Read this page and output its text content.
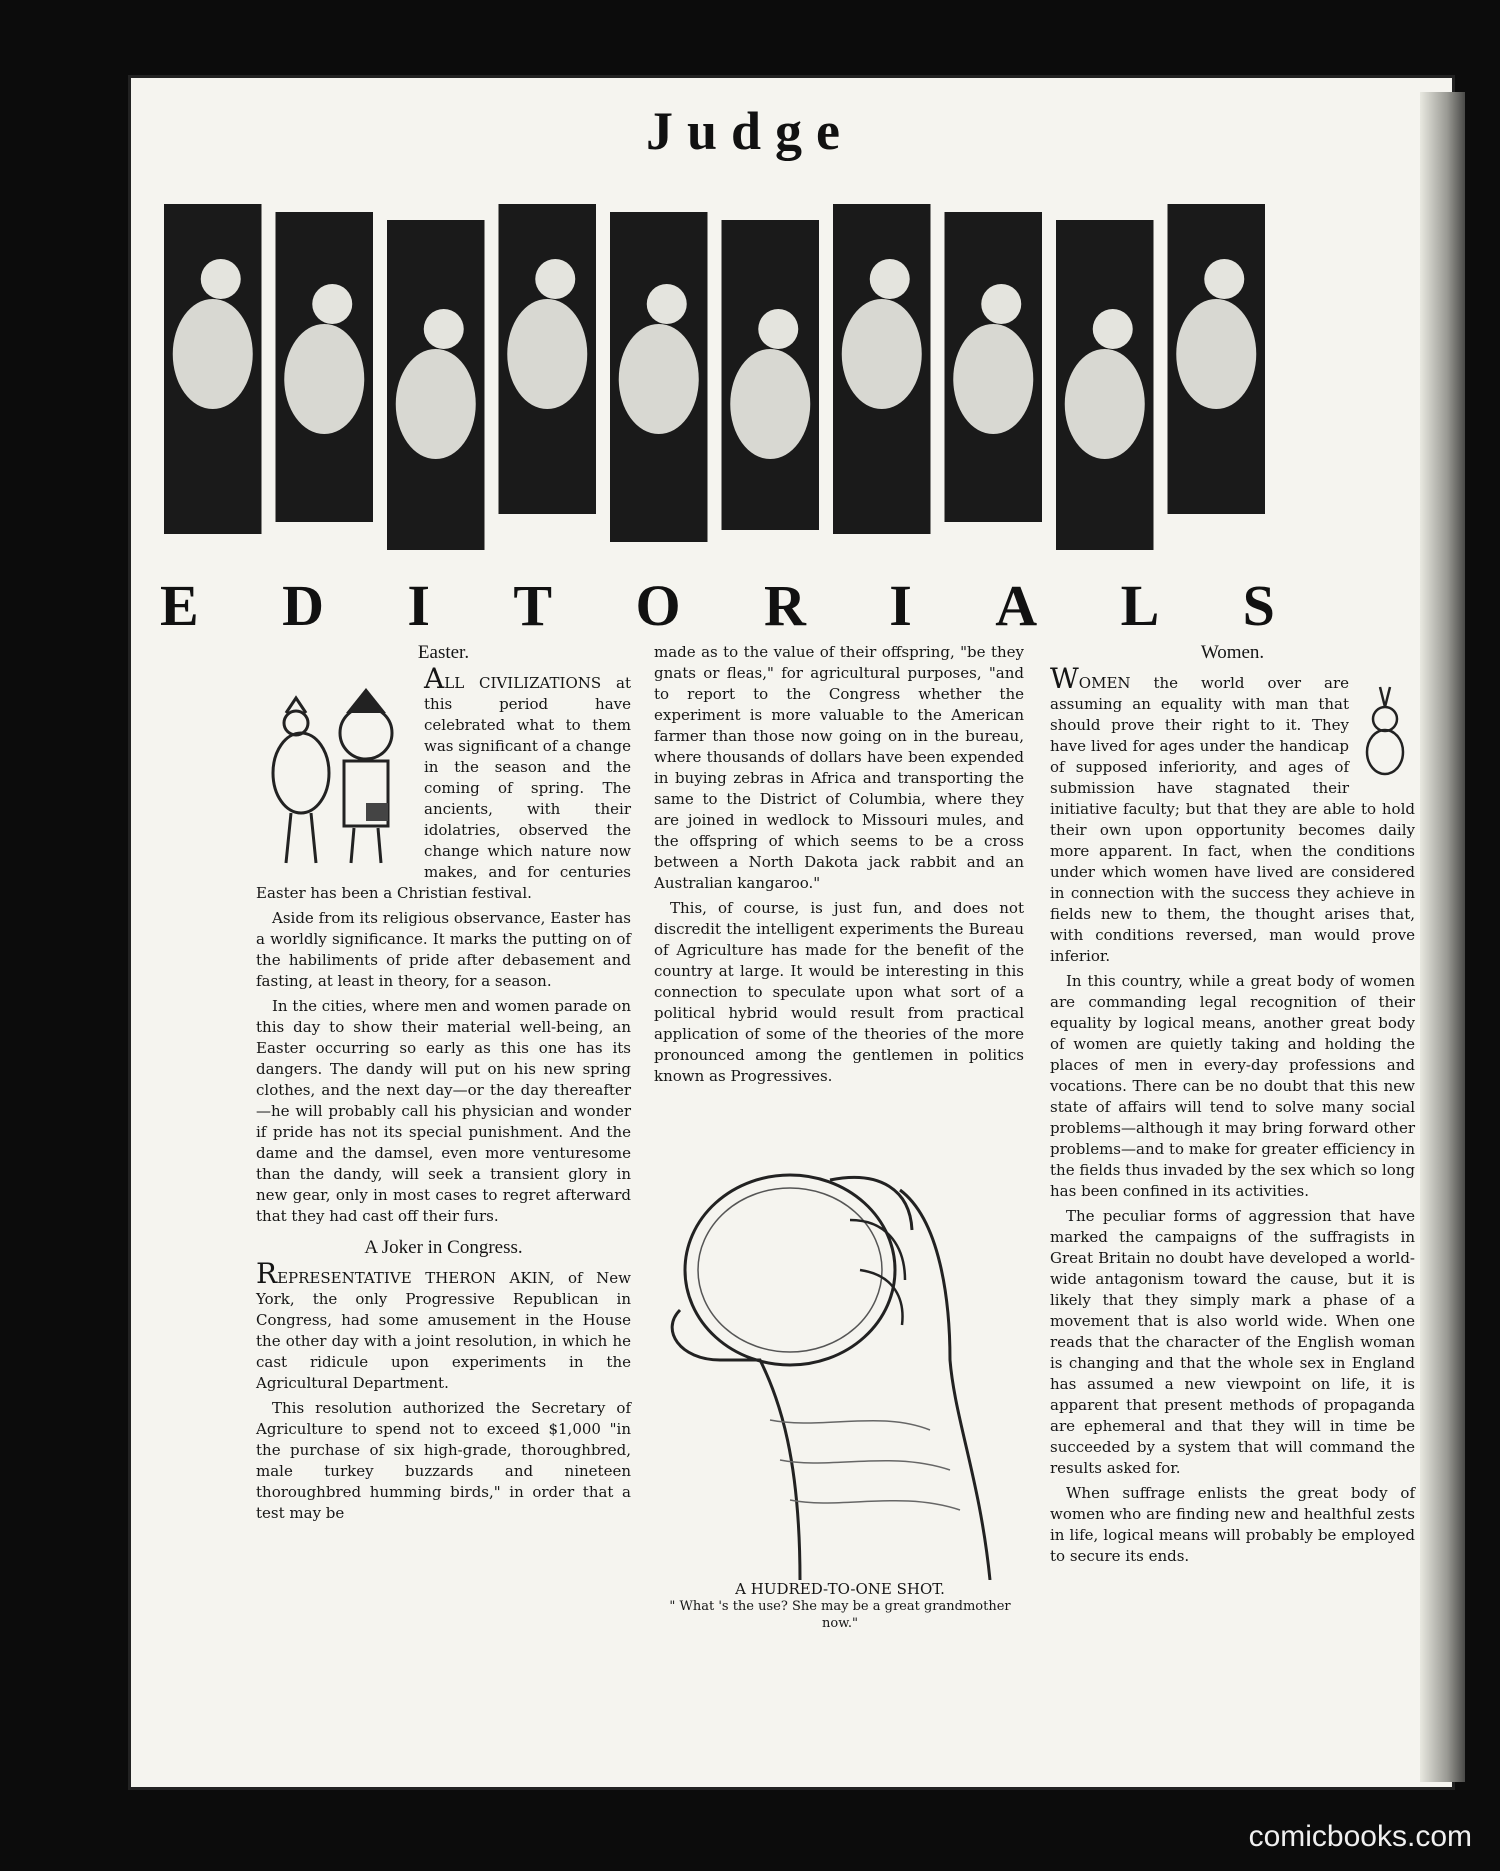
Judge
E D I T O R I A L S
Easter.

A
LL CIVILIZATIONS at this period have celebrated what to them was significant of a change in the season and the coming of spring. The ancients, with their idolatries, observed the change which nature now makes, and for centuries Easter has been a Christian festival.

Aside from its religious observance, Easter has a worldly significance. It marks the putting on of the habiliments of pride after debasement and fasting, at least in theory, for a season.

In the cities, where men and women parade on this day to show their material well-being, an Easter occurring so early as this one has its dangers. The dandy will put on his new spring clothes, and the next day—or the day thereafter—he will probably call his physician and wonder if pride has not its special punishment. And the dame and the damsel, even more venturesome than the dandy, will seek a transient glory in new gear, only in most cases to regret afterward that they had cast off their furs.

A Joker in Congress.

REPRESENTATIVE THERON AKIN, of New York, the only Progressive Republican in Congress, had some amusement in the House the other day with a joint resolution, in which he cast ridicule upon experiments in the Agricultural Department.

This resolution authorized the Secretary of Agriculture to spend not to exceed $1,000 "in the purchase of six high-grade, thoroughbred, male turkey buzzards and nineteen thoroughbred humming birds," in order that a test may be

made as to the value of their offspring, "be they gnats or fleas," for agricultural purposes, "and to report to the Congress whether the experiment is more valuable to the American farmer than those now going on in the bureau, where thousands of dollars have been expended in buying zebras in Africa and transporting the same to the District of Columbia, where they are joined in wedlock to Missouri mules, and the offspring of which seems to be a cross between a North Dakota jack rabbit and an Australian kangaroo."

This, of course, is just fun, and does not discredit the intelligent experiments the Bureau of Agriculture has made for the benefit of the country at large. It would be interesting in this connection to speculate upon what sort of a political hybrid would result from practical application of some of the theories of the more pronounced among the gentlemen in politics known as Progressives.

A HUDRED-TO-ONE SHOT.
" What 's the use? She may be a great grandmother now."
Women.

W
OMEN the world over are assuming an equality with man that should prove their right to it. They have lived for ages under the handicap of supposed inferiority, and ages of submission have stagnated their initiative faculty; but that they are able to hold their own upon opportunity becomes daily more apparent. In fact, when the conditions under which women have lived are considered in connection with the success they achieve in fields new to them, the thought arises that, with conditions reversed, man would prove inferior.

In this country, while a great body of women are commanding legal recognition of their equality by logical means, another great body of women are quietly taking and holding the places of men in every-day professions and vocations. There can be no doubt that this new state of affairs will tend to solve many social problems—although it may bring forward other problems—and to make for greater efficiency in the fields thus invaded by the sex which so long has been confined in its activities.

The peculiar forms of aggression that have marked the campaigns of the suffragists in Great Britain no doubt have developed a world-wide antagonism toward the cause, but it is likely that they simply mark a phase of a movement that is also world wide. When one reads that the character of the English woman is changing and that the whole sex in England has assumed a new viewpoint on life, it is apparent that present methods of propaganda are ephemeral and that they will in time be succeeded by a system that will command the results asked for.

When suffrage enlists the great body of women who are finding new and healthful zests in life, logical means will probably be employed to secure its ends.

comicbooks.com
